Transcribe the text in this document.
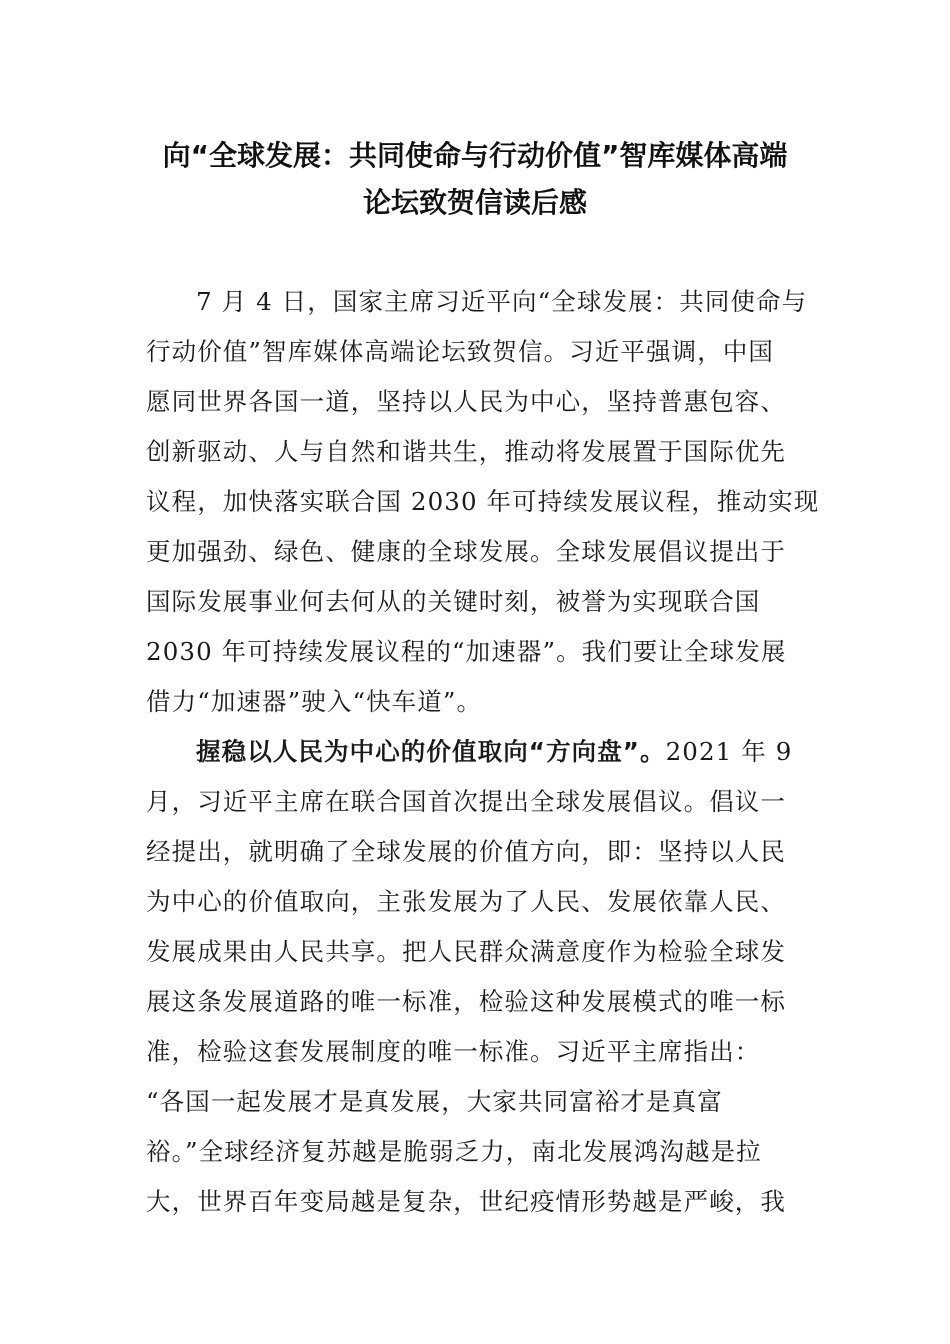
向“全球发展：共同使命与行动价值”智库媒体高端
论坛致贺信读后感
7 月 4 日，国家主席习近平向“全球发展：共同使命与
行动价值”智库媒体高端论坛致贺信。习近平强调，中国
愿同世界各国一道，坚持以人民为中心，坚持普惠包容、
创新驱动、人与自然和谐共生，推动将发展置于国际优先
议程，加快落实联合国 2030 年可持续发展议程，推动实现
更加强劲、绿色、健康的全球发展。全球发展倡议提出于
国际发展事业何去何从的关键时刻，被誉为实现联合国
2030 年可持续发展议程的“加速器”。我们要让全球发展
借力“加速器”驶入“快车道”。
握稳以人民为中心的价值取向“方向盘”。2021 年 9
月，习近平主席在联合国首次提出全球发展倡议。倡议一
经提出，就明确了全球发展的价值方向，即：坚持以人民
为中心的价值取向，主张发展为了人民、发展依靠人民、
发展成果由人民共享。把人民群众满意度作为检验全球发
展这条发展道路的唯一标准，检验这种发展模式的唯一标
准，检验这套发展制度的唯一标准。习近平主席指出：
“各国一起发展才是真发展，大家共同富裕才是真富
裕。”全球经济复苏越是脆弱乏力，南北发展鸿沟越是拉
大，世界百年变局越是复杂，世纪疫情形势越是严峻，我
